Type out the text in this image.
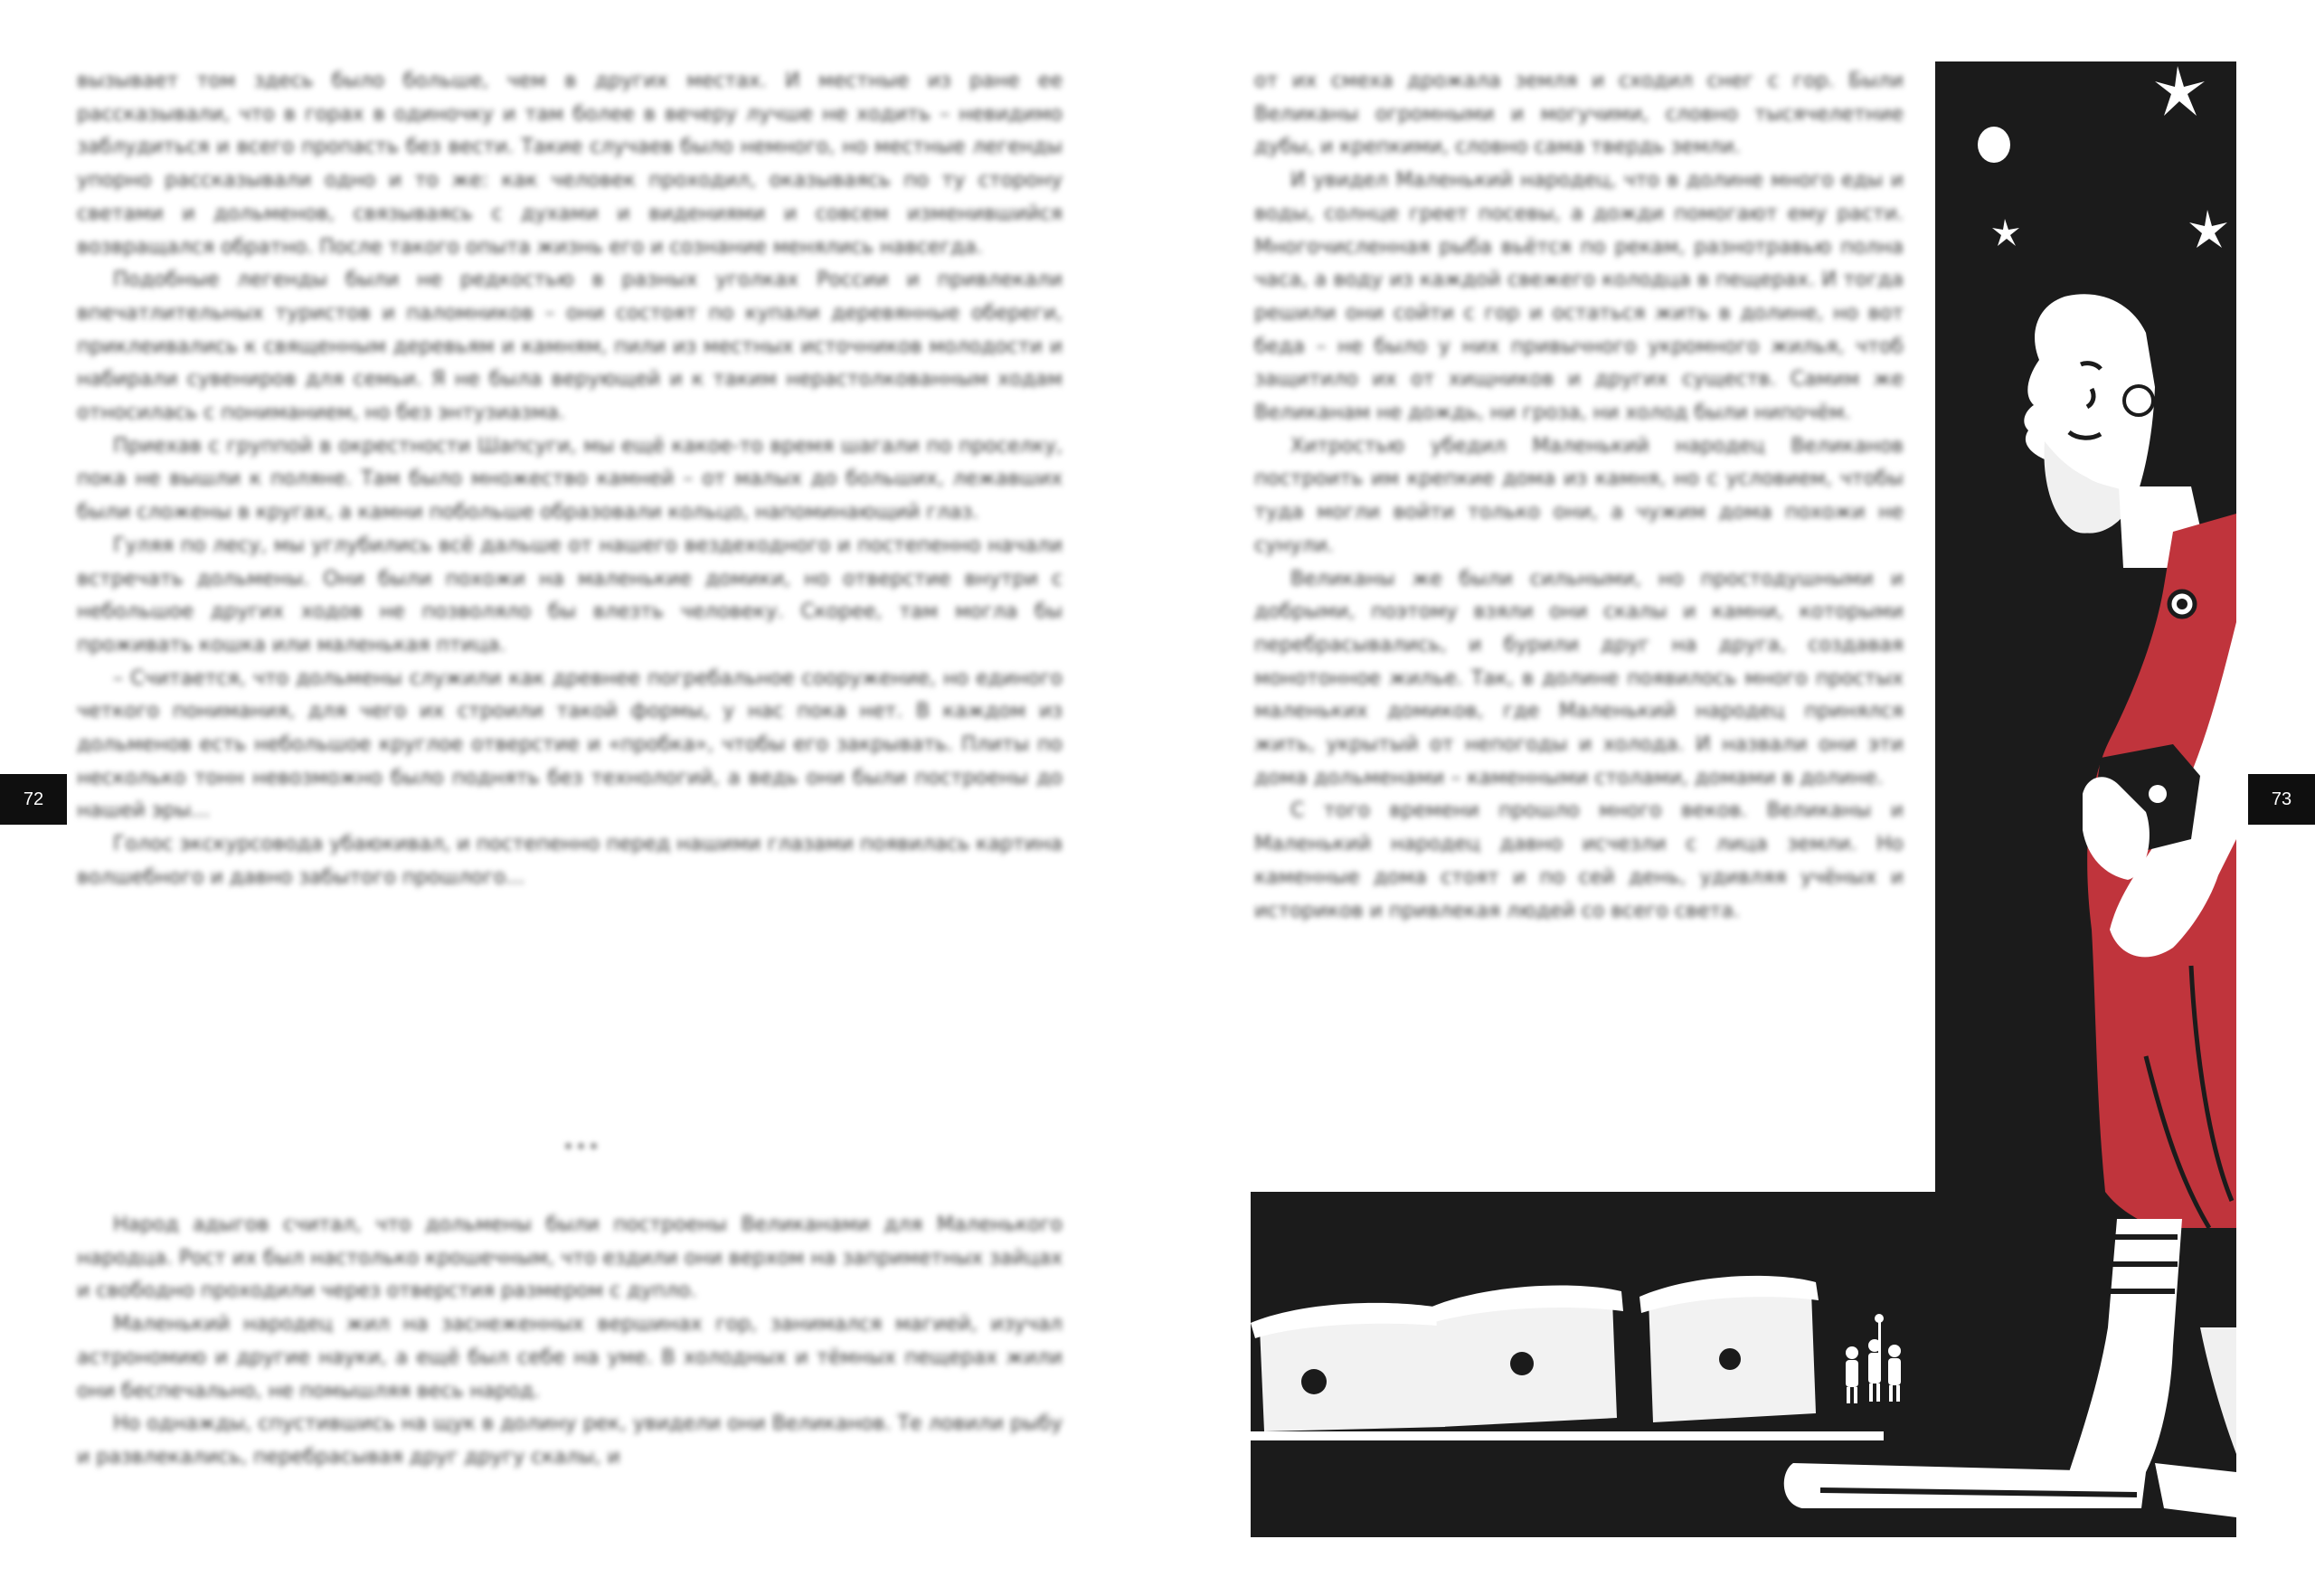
вызывает том здесь было больше, чем в других местах. И местные из ране ее рассказывали, что в горах в одиночку и там более в вечеру лучше не ходить – невидимо заблудиться и всего пропасть без вести. Такие случаев было немного, но местные легенды упорно рассказывали одно и то же: как человек проходил, оказываясь по ту сторону светами и дольменов, связываясь с духами и видениями и совсем изменившийся возвращался обратно. После такого опыта жизнь его и сознание менялись навсегда.

Подобные легенды были не редкостью в разных уголках России и привлекали впечатлительных туристов и паломников – они состоят по купали деревянные обереги, приклеивались к священным деревьям и камням, пили из местных источников молодости и набирали сувениров для семьи. Я не была верующей и к таким нерастолкованным ходам относилась с пониманием, но без энтузиазма.

Приехав с группой в окрестности Шапсуги, мы ещё какое-то время шагали по проселку, пока не вышли к поляне. Там было множество камней – от малых до больших, лежавших были сложены в кругах, а камни побольше образовали кольцо, напоминающий глаз.

Гуляя по лесу, мы углубились всё дальше от нашего вездеходного и постепенно начали встречать дольмены. Они были похожи на маленькие домики, но отверстие внутри с небольшое других ходов не позволяло бы влезть человеку. Скорее, там могла бы проживать кошка или маленькая птица.

– Считается, что дольмены служили как древнее погребальное сооружение, но единого четкого понимания, для чего их строили такой формы, у нас пока нет. В каждом из дольменов есть небольшое круглое отверстие и «пробка», чтобы его закрывать. Плиты по несколько тонн невозможно было поднять без технологий, а ведь они были построены до нашей эры...

Голос экскурсовода убаюкивал, и постепенно перед нашими глазами появилась картина волшебного и давно забытого прошлого...

***

Народ адыгов считал, что дольмены были построены Великанами для Маленького народца. Рост их был настолько крошечным, что ездили они верхом на заприметных зайцах и свободно проходили через отверстия размером с дупло.

Маленький народец жил на заснеженных вершинах гор, занимался магией, изучал астрономию и другие науки, а ещё был себе на уме. В холодных и тёмных пещерах жили они беспечально, не помышляя весь народ.

Но однажды, спустившись на щук в долину рек, увидели они Великанов. Те ловили рыбу и развлекались, перебрасывая друг другу скалы, и

72	73

от их смеха дрожала земля и сходил снег с гор. Были Великаны огромными и могучими, словно тысячелетние дубы, и крепкими, словно сама твердь земли.

И увидел Маленький народец, что в долине много еды и воды, солнце греет посевы, а дожди помогают ему расти. Многочисленная рыба вьётся по рекам, разнотравью полна часа, а воду из каждой свежего колодца в пещерах. И тогда решили они сойти с гор и остаться жить в долине, но вот беда – не было у них привычного укромного жилья, чтоб защитило их от хищников и других существ. Самим же Великанам не дождь, ни гроза, ни холод были нипочём.

Хитростью убедил Маленький народец Великанов построить им крепкие дома из камня, но с условием, чтобы туда могли войти только они, а чужим дома похожи не сунули.

Великаны же были сильными, но простодушными и добрыми, поэтому взяли они скалы и камни, которыми перебрасывались, и бурили друг на друга, создавая монотонное жилье. Так, в долине появилось много простых маленьких домиков, где Маленький народец принялся жить, укрытый от непогоды и холода. И назвали они эти дома дольменами – каменными столами, домами в долине.

С того времени прошло много веков. Великаны и Маленький народец давно исчезли с лица земли. Но каменные дома стоят и по сей день, удивляя учёных и историков и привлекая людей со всего света.
